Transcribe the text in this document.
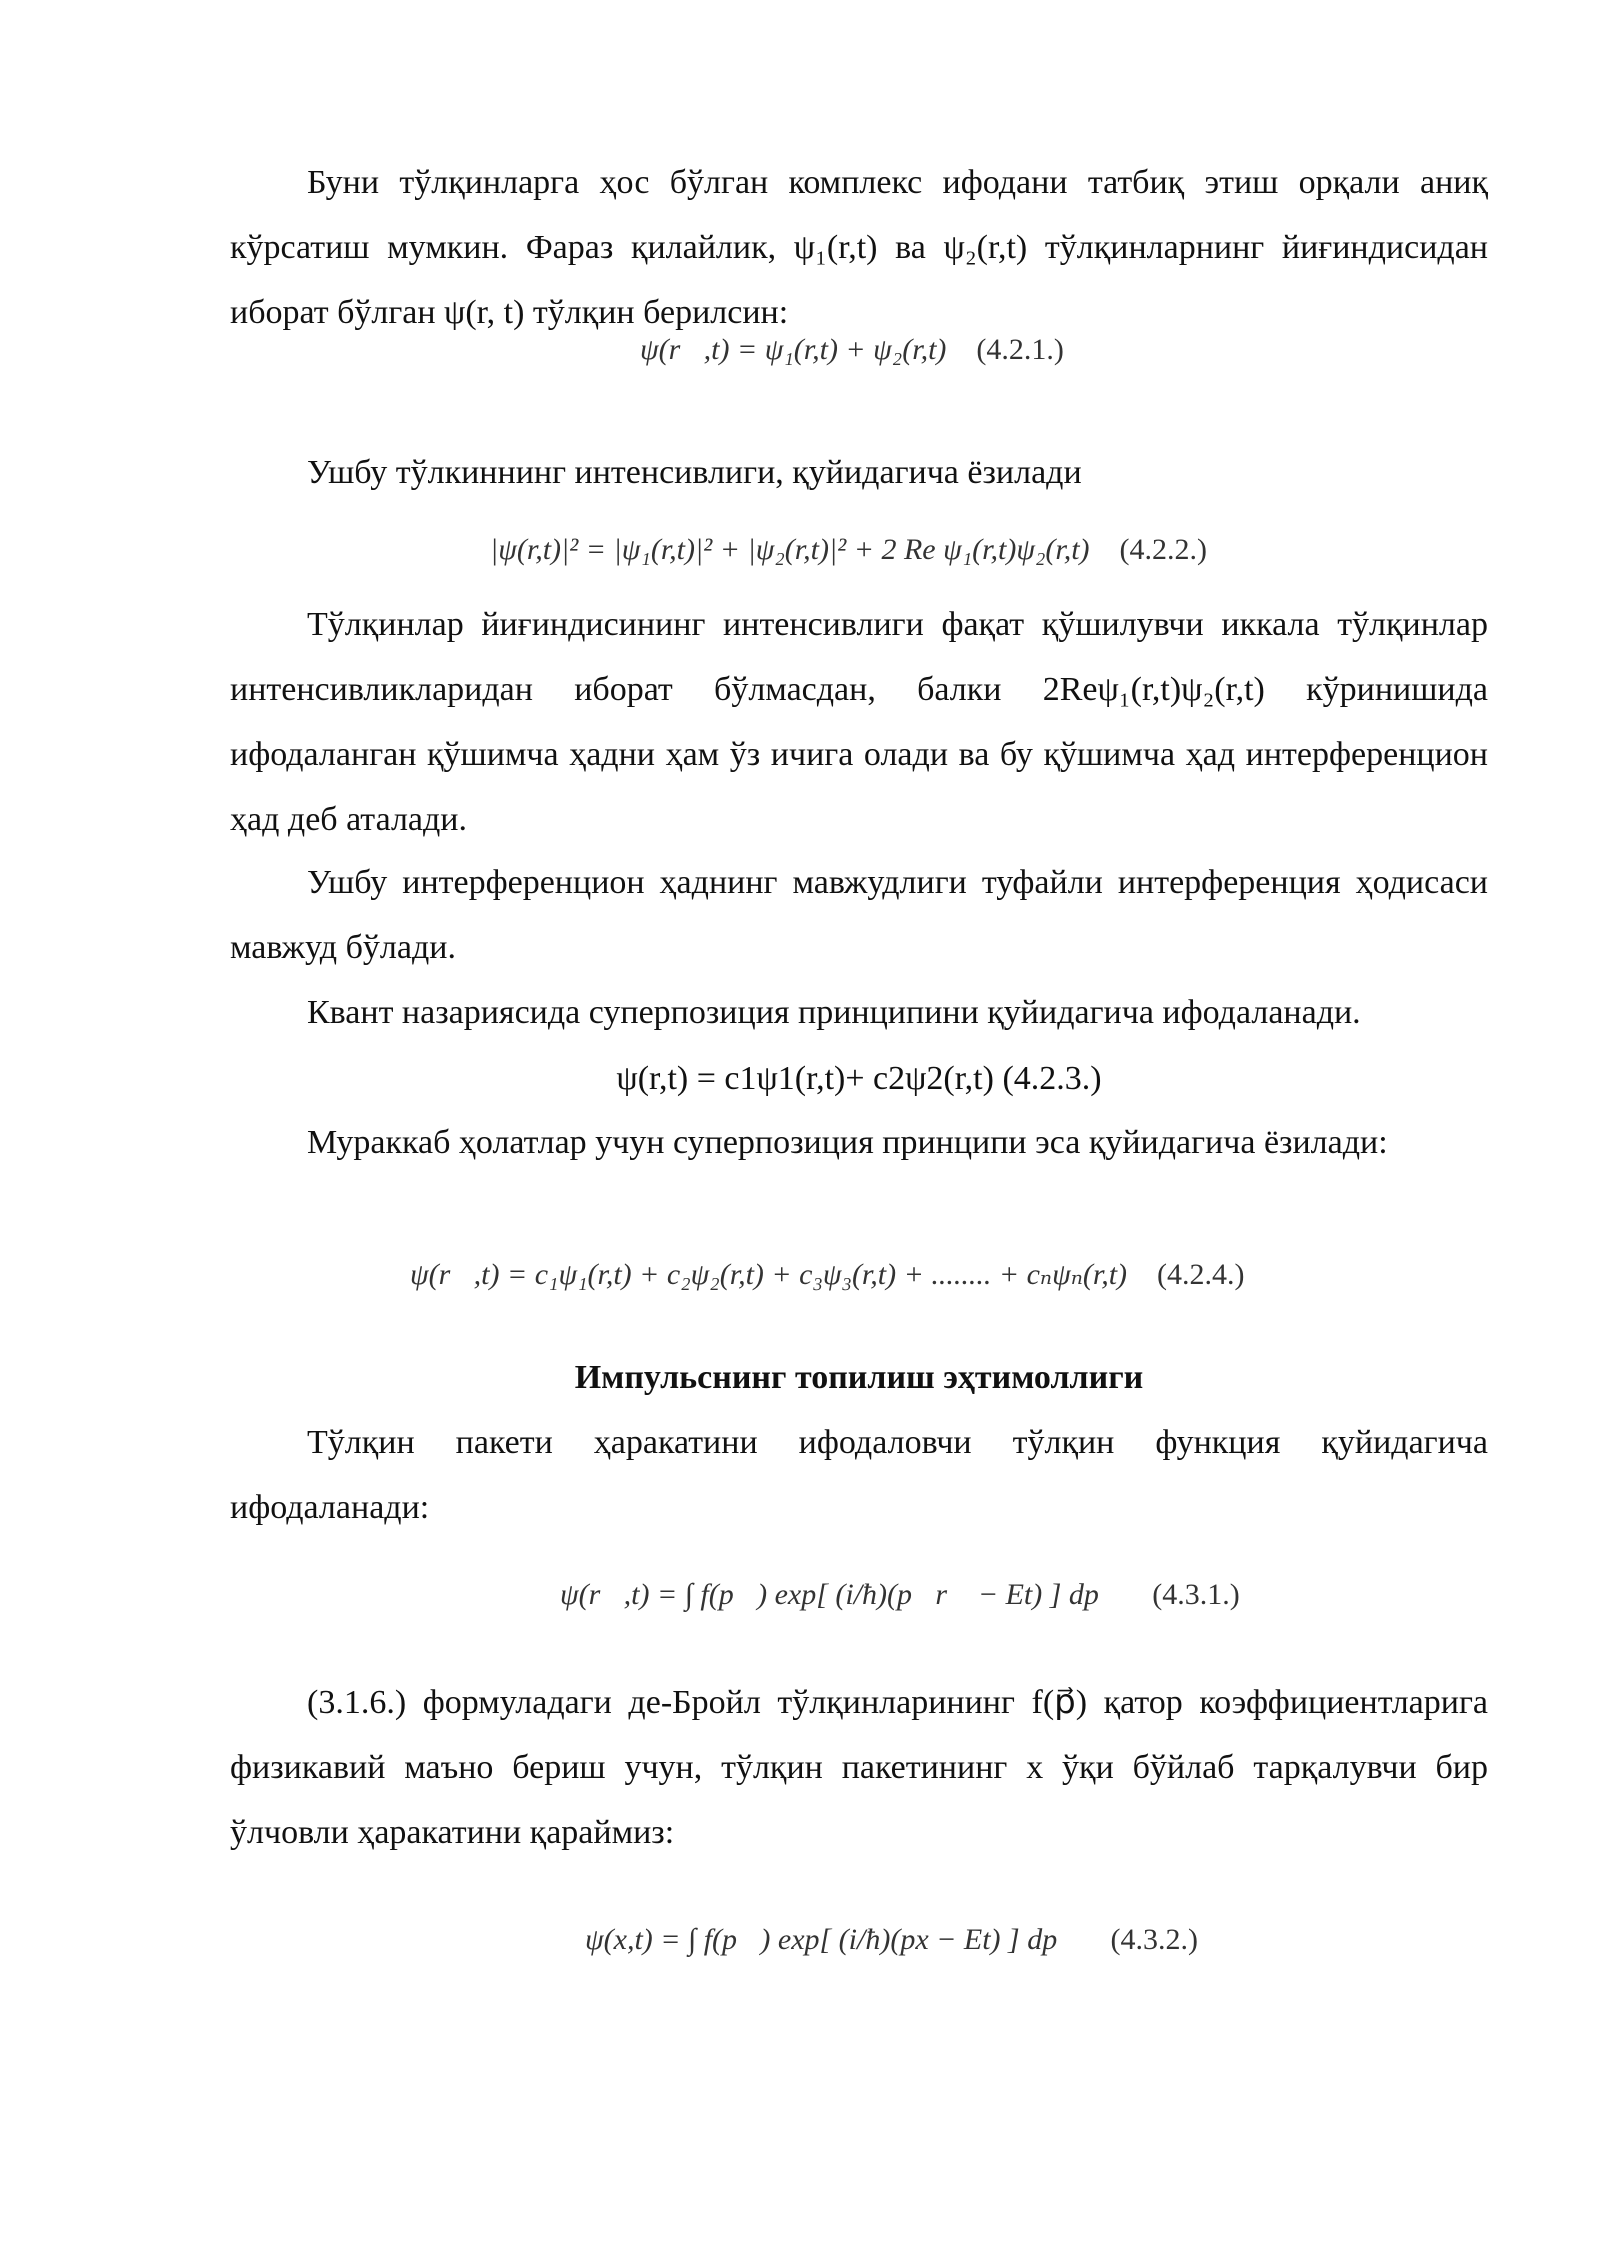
Буни тўлқинларга ҳос бўлган комплекс ифодани татбиқ этиш орқали аниқ кўрсатиш мумкин. Фараз қилайлик, ψ₁(r,t) ва ψ₂(r,t) тўлқинларнинг йиғиндисидан иборат бўлган ψ(r, t) тўлқин берилсин:

ψ(r⃗,t) = ψ₁(r,t) + ψ₂(r,t) (4.2.1.)

Ушбу тўлкиннинг интенсивлиги, қуйидагича ёзилади

|ψ(r,t)|² = |ψ₁(r,t)|² + |ψ₂(r,t)|² + 2 Re ψ₁(r,t)ψ₂(r,t) (4.2.2.)

Тўлқинлар йиғиндисининг интенсивлиги фақат қўшилувчи иккала тўлқинлар интенсивликларидан иборат бўлмасдан, балки 2Reψ₁(r,t)ψ₂(r,t) кўринишида ифодаланган қўшимча ҳадни ҳам ўз ичига олади ва бу қўшимча ҳад интерференцион ҳад деб аталади.

Ушбу интерференцион ҳаднинг мавжудлиги туфайли интерференция ҳодисаси мавжуд бўлади.

Квант назариясида суперпозиция принципини қуйидагича ифодаланади.

ψ(r,t) = c1ψ1(r,t)+ c2ψ2(r,t) (4.2.3.)

Мураккаб ҳолатлар учун суперпозиция принципи эса қуйидагича ёзилади:

ψ(r⃗,t) = c₁ψ₁(r,t) + c₂ψ₂(r,t) + c₃ψ₃(r,t) + ........ + cₙψₙ(r,t) (4.2.4.)

Импульснинг топилиш эҳтимоллиги

Тўлқин пакети ҳаракатини ифодаловчи тўлқин функция қуйидагича ифодаланади:

ψ(r⃗,t) = ∫ f(p⃗) exp[ (i/ħ)(p⃗r⃗ − Et) ] dp⃗ (4.3.1.)

(3.1.6.) формуладаги де-Бройл тўлқинларининг f(p⃗) қатор коэффициентларига физикавий маъно бериш учун, тўлқин пакетининг x ўқи бўйлаб тарқалувчи бир ўлчовли ҳаракатини қараймиз:

ψ(x,t) = ∫ f(p⃗) exp[ (i/ħ)(px − Et) ] dp⃗ (4.3.2.)
